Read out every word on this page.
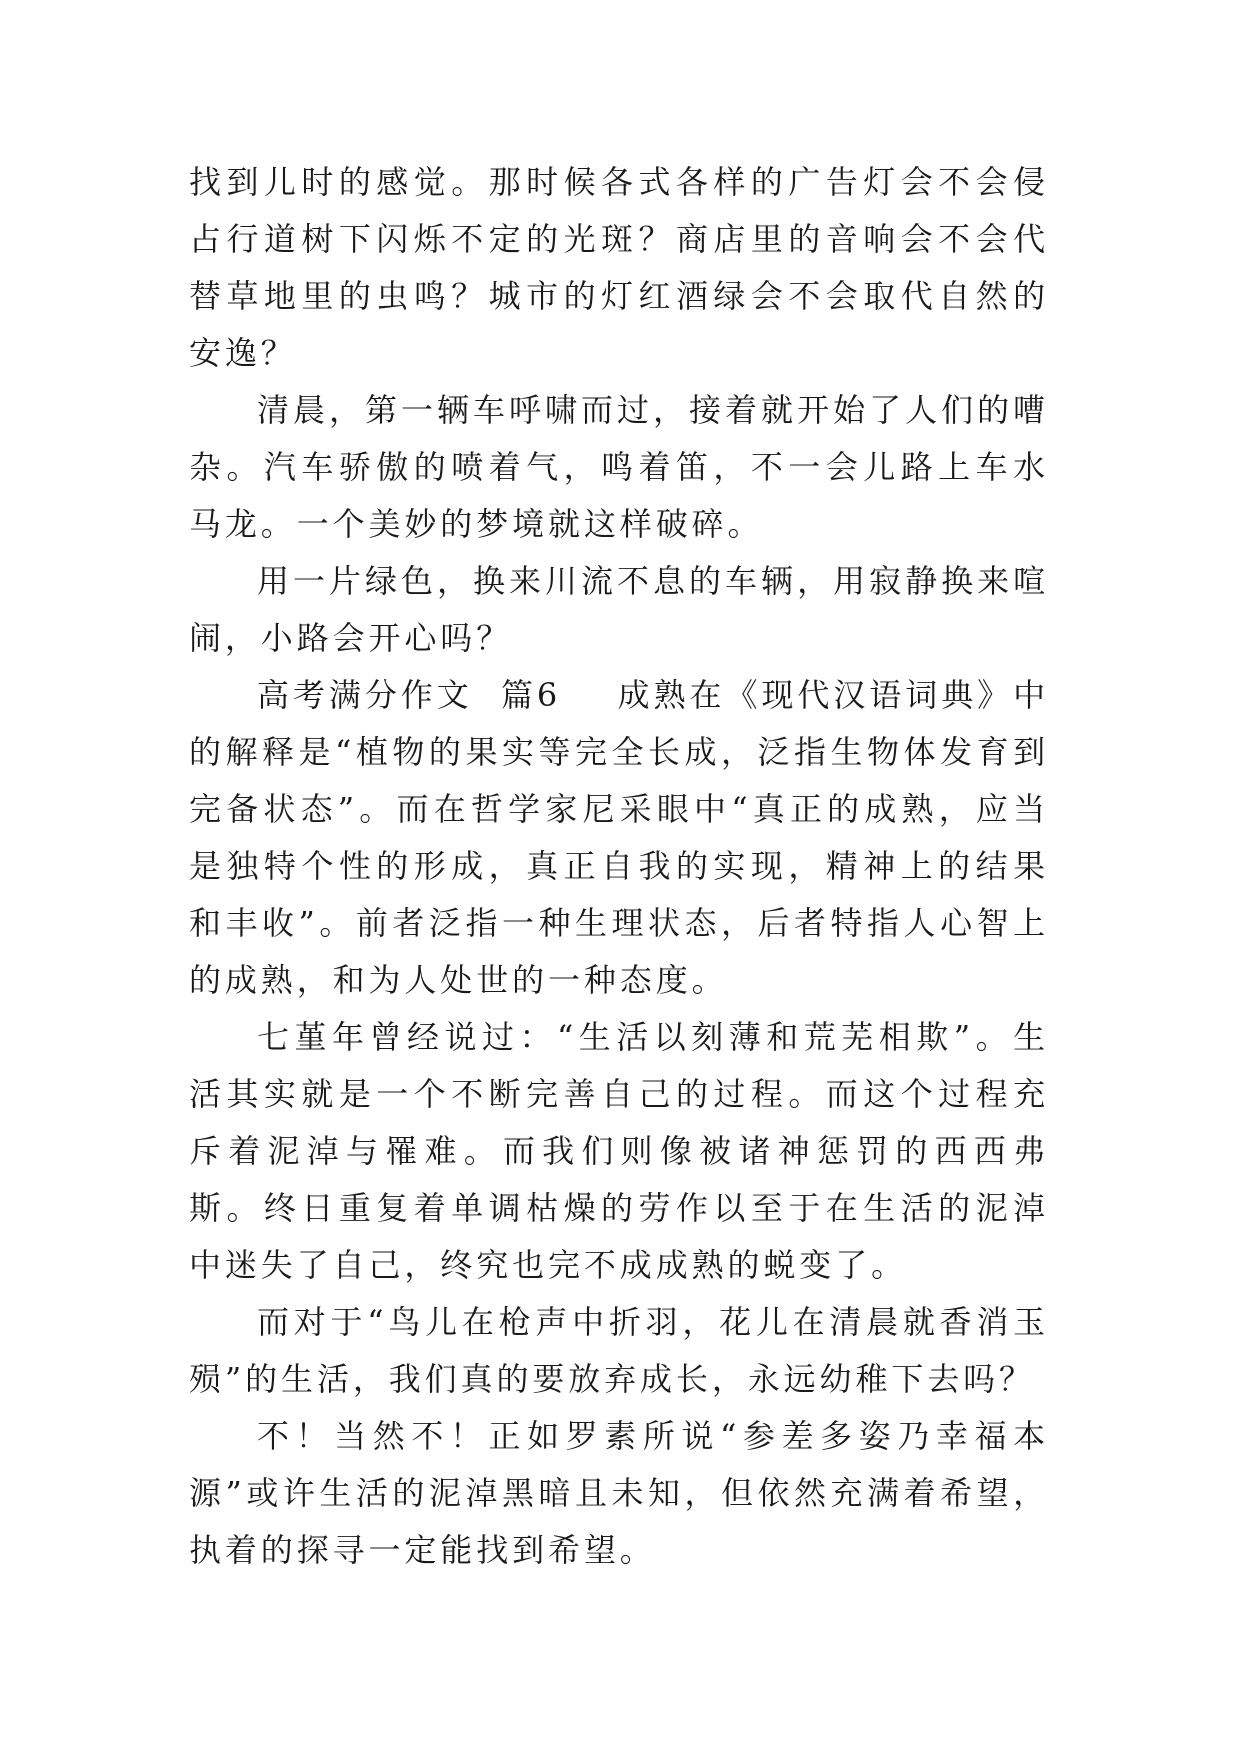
找到儿时的感觉。那时候各式各样的广告灯会不会侵占行道树下闪烁不定的光斑？商店里的音响会不会代替草地里的虫鸣？城市的灯红酒绿会不会取代自然的安逸？

清晨，第一辆车呼啸而过，接着就开始了人们的嘈杂。汽车骄傲的喷着气，鸣着笛，不一会儿路上车水马龙。一个美妙的梦境就这样破碎。

用一片绿色，换来川流不息的车辆，用寂静换来喧闹，小路会开心吗？

高考满分作文  篇6    成熟在《现代汉语词典》中的解释是“植物的果实等完全长成，泛指生物体发育到完备状态”。而在哲学家尼采眼中“真正的成熟，应当是独特个性的形成，真正自我的实现，精神上的结果和丰收”。前者泛指一种生理状态，后者特指人心智上的成熟，和为人处世的一种态度。

七堇年曾经说过：“生活以刻薄和荒芜相欺”。生活其实就是一个不断完善自己的过程。而这个过程充斥着泥淖与罹难。而我们则像被诸神惩罚的西西弗斯。终日重复着单调枯燥的劳作以至于在生活的泥淖中迷失了自己，终究也完不成成熟的蜕变了。

而对于“鸟儿在枪声中折羽，花儿在清晨就香消玉殒”的生活，我们真的要放弃成长，永远幼稚下去吗？

不！当然不！正如罗素所说“参差多姿乃幸福本源”或许生活的泥淖黑暗且未知，但依然充满着希望，执着的探寻一定能找到希望。
